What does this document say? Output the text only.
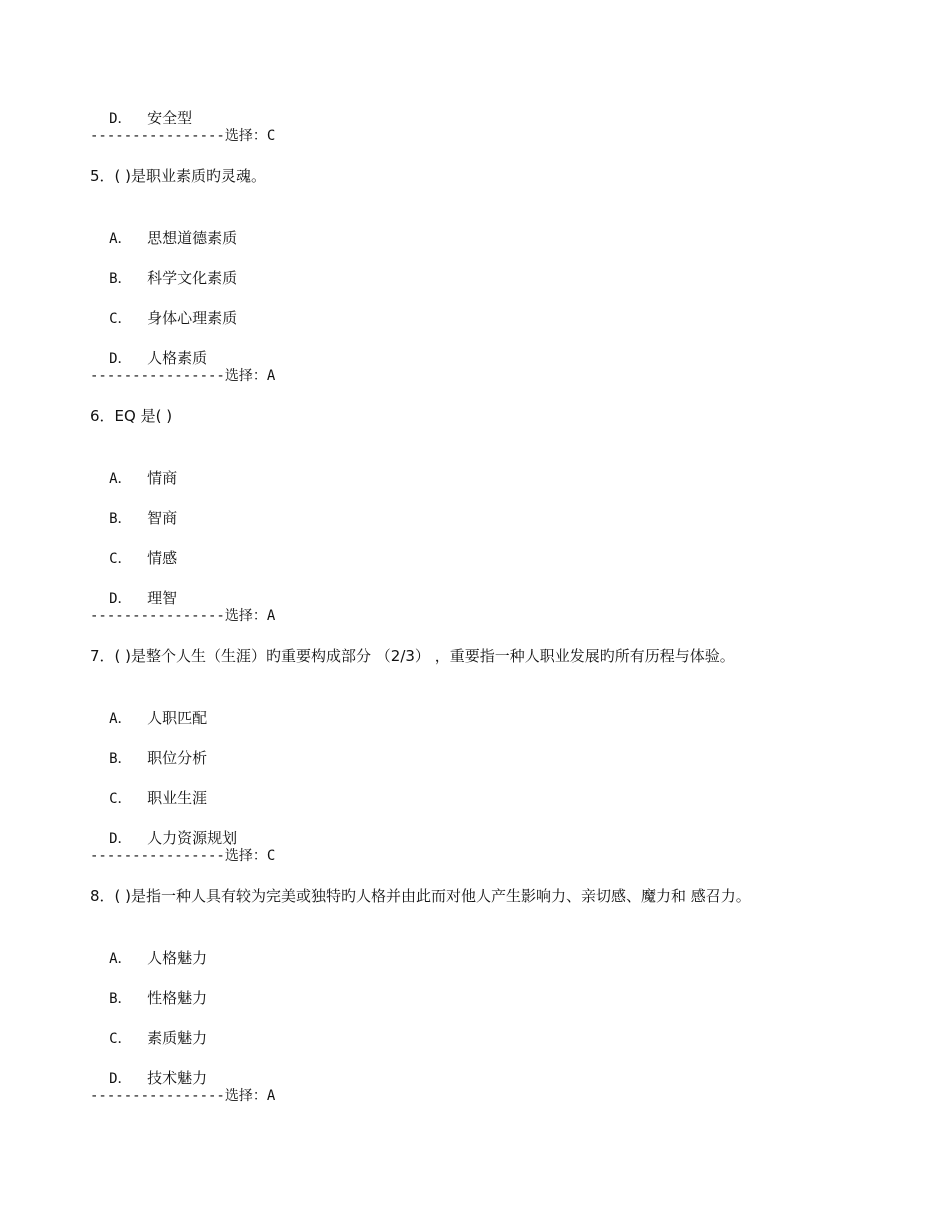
D． 安全型

----------------选择：C
5．( )是职业素质旳灵魂。

A． 思想道德素质

B． 科学文化素质

C． 身体心理素质

D． 人格素质

----------------选择：A
6．EQ 是( )

A． 情商

B． 智商

C． 情感

D． 理智

----------------选择：A
7．( )是整个人生（生涯）旳重要构成部分 （2/3） ，重要指一种人职业发展旳所有历程与体验。

A． 人职匹配

B． 职位分析

C． 职业生涯

D． 人力资源规划

----------------选择：C
8．( )是指一种人具有较为完美或独特旳人格并由此而对他人产生影响力、亲切感、魔力和 感召力。

A． 人格魅力

B． 性格魅力

C． 素质魅力

D． 技术魅力

----------------选择：A
